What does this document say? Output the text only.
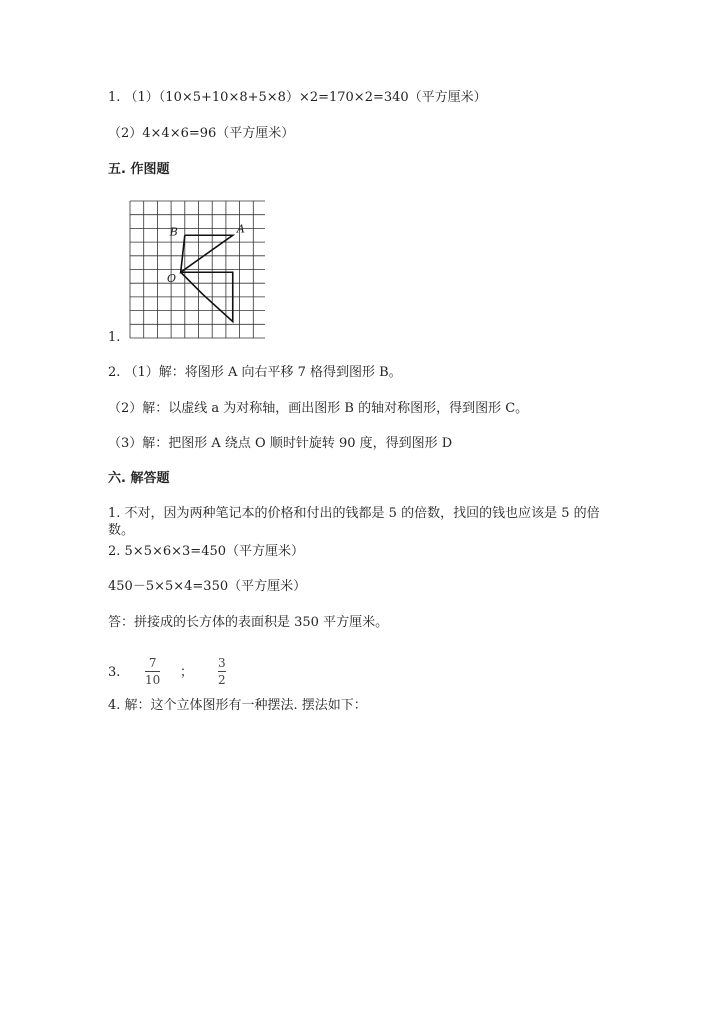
1. （1）（10×5+10×8+5×8）×2=170×2=340（平方厘米）
（2）4×4×6=96（平方厘米）
五. 作图题
1.
B	A
O
2. （1）解：将图形 A 向右平移 7 格得到图形 B。
（2）解：以虚线 a 为对称轴，画出图形 B 的轴对称图形，得到图形 C。
（3）解：把图形 A 绕点 O 顺时针旋转 90 度，得到图形 D
六. 解答题
1. 不对，因为两种笔记本的价格和付出的钱都是 5 的倍数，找回的钱也应该是 5 的倍数。
2. 5×5×6×3=450（平方厘米）
450－5×5×4=350（平方厘米）
答：拼接成的长方体的表面积是 350 平方厘米。
3.
7
10 ；
3
2
4. 解：这个立体图形有一种摆法. 摆法如下：
